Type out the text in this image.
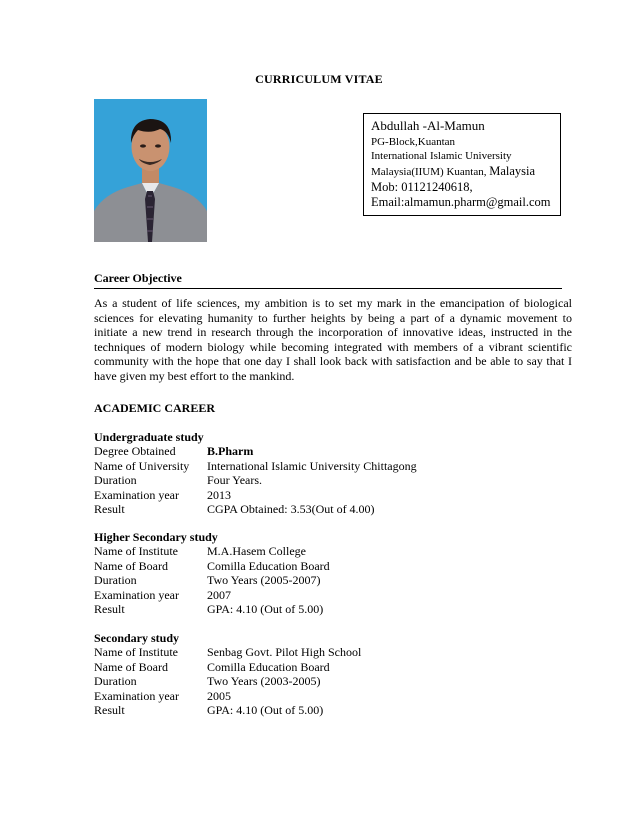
CURRICULUM VITAE
Abdullah -Al-Mamun
PG-Block,Kuantan
International Islamic University
Malaysia(IIUM) Kuantan, Malaysia
Mob: 01121240618,
Email:almamun.pharm@gmail.com
Career Objective
As a student of life sciences, my ambition is to set my mark in the emancipation of biological sciences for elevating humanity to further heights by being a part of a dynamic movement to initiate a new trend in research through the incorporation of innovative ideas, instructed in the techniques of modern biology while becoming integrated with members of a vibrant scientific community with the hope that one day I shall look back with satisfaction and be able to say that I have given my best effort to the mankind.
ACADEMIC CAREER
Undergraduate study
Degree Obtained	B.Pharm
Name of University	International Islamic University Chittagong
Duration	Four Years.
Examination year	2013
Result	CGPA Obtained: 3.53(Out of 4.00)
Higher Secondary study
Name of Institute	M.A.Hasem College
Name of Board	Comilla Education Board
Duration	Two Years (2005-2007)
Examination year	2007
Result	GPA: 4.10 (Out of 5.00)
Secondary study
Name of Institute	Senbag Govt. Pilot High School
Name of Board	Comilla Education Board
Duration	Two Years (2003-2005)
Examination year	2005
Result	GPA: 4.10 (Out of 5.00)
